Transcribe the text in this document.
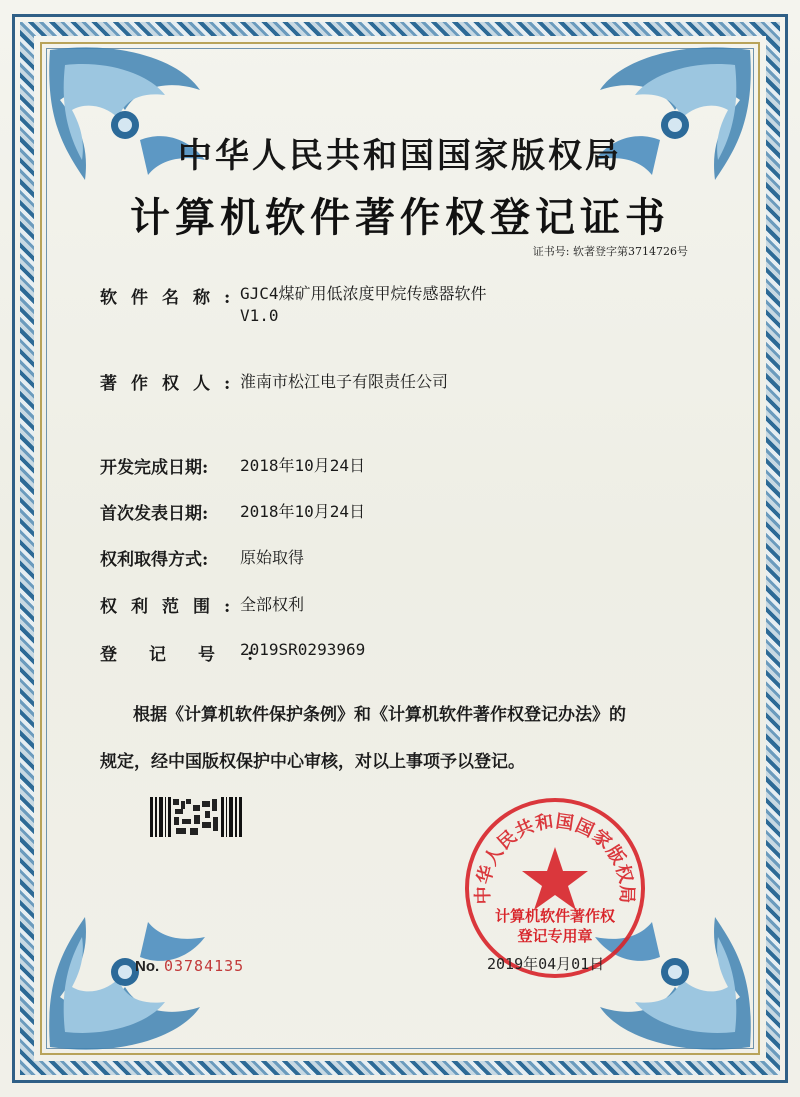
中华人民共和国国家版权局
计算机软件著作权登记证书
证书号: 软著登字第3714726号
软件名称:
GJC4煤矿用低浓度甲烷传感器软件
V1.0
著作权人:
淮南市松江电子有限责任公司
开发完成日期:	2018年10月24日
首次发表日期:	2018年10月24日
权利取得方式:	原始取得
权利范围:
全部权利
登记号:
2019SR0293969
根据《计算机软件保护条例》和《计算机软件著作权登记办法》的
规定，经中国版权保护中心审核，对以上事项予以登记。
中华人民共和国国家版权局
计算机软件著作权
登记专用章
No. 03784135	2019年04月01日
